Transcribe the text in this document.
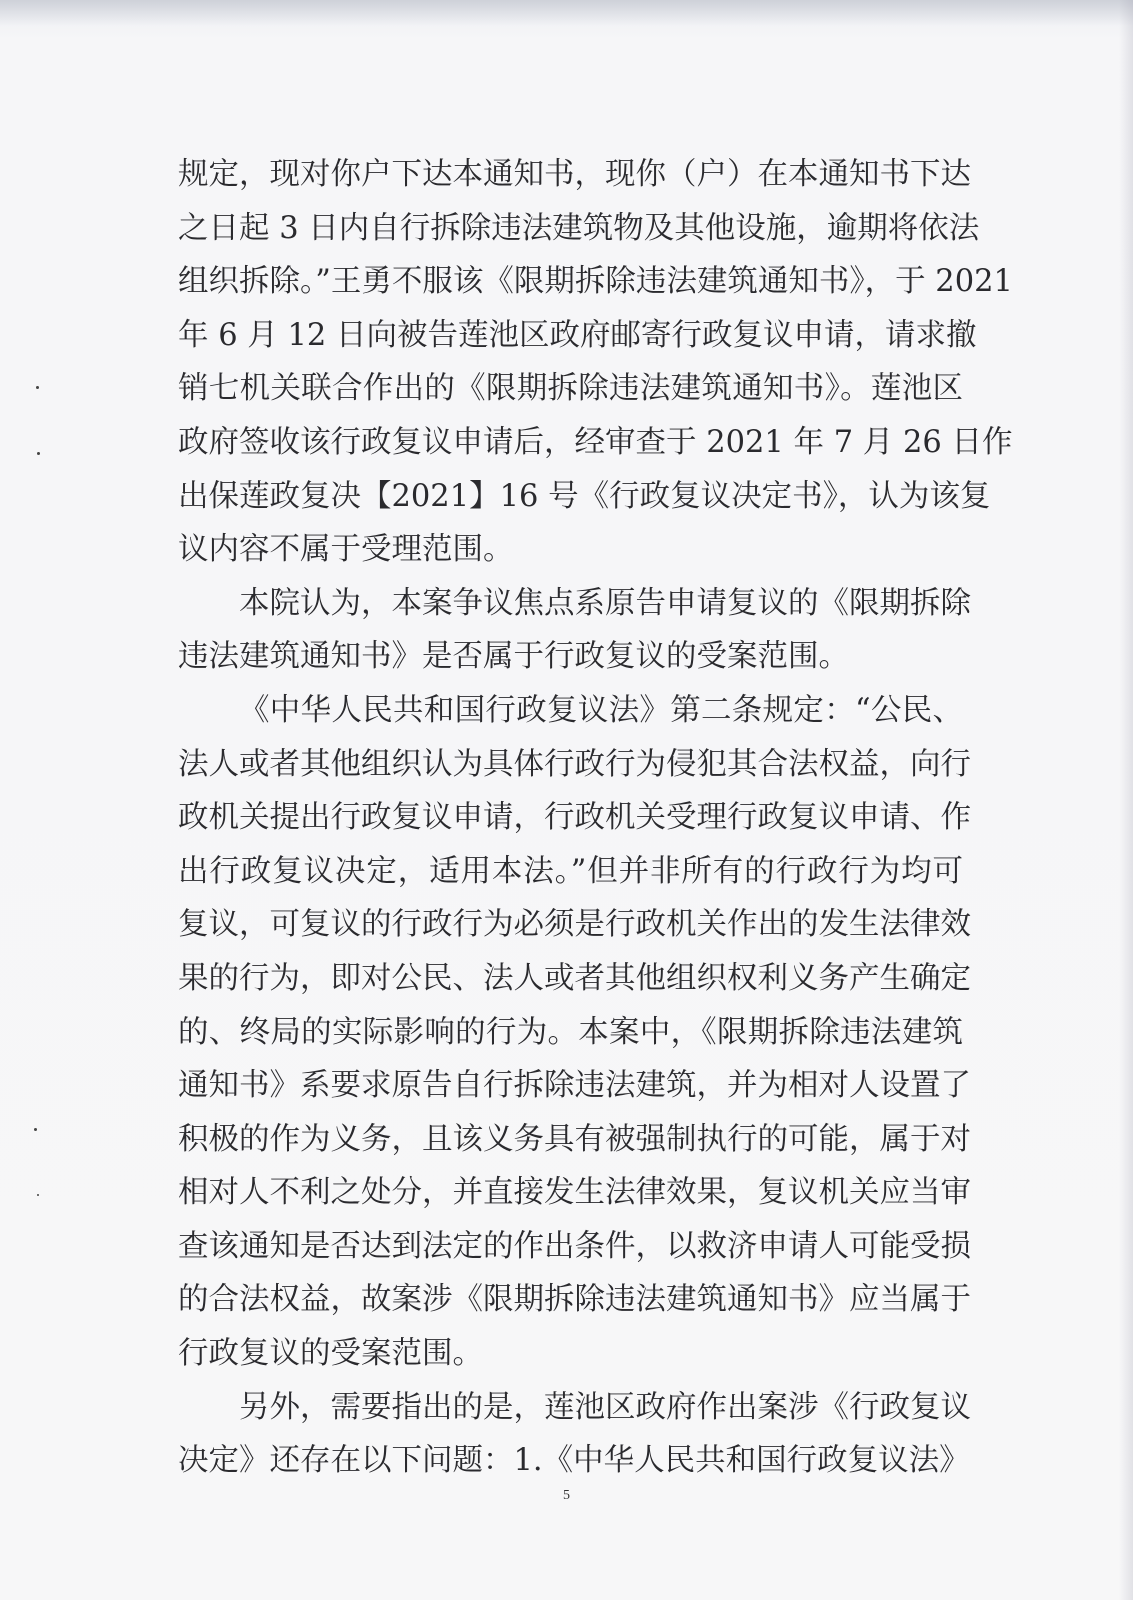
规定，现对你户下达本通知书，现你（户）在本通知书下达
之日起 3 日内自行拆除违法建筑物及其他设施，逾期将依法
组织拆除。”王勇不服该《限期拆除违法建筑通知书》，于 2021
年 6 月 12 日向被告莲池区政府邮寄行政复议申请，请求撤
销七机关联合作出的《限期拆除违法建筑通知书》。莲池区
政府签收该行政复议申请后，经审查于 2021 年 7 月 26 日作
出保莲政复决【2021】16 号《行政复议决定书》，认为该复
议内容不属于受理范围。
本院认为，本案争议焦点系原告申请复议的《限期拆除
违法建筑通知书》是否属于行政复议的受案范围。
《中华人民共和国行政复议法》第二条规定：“公民、
法人或者其他组织认为具体行政行为侵犯其合法权益，向行
政机关提出行政复议申请，行政机关受理行政复议申请、作
出行政复议决定，适用本法。”但并非所有的行政行为均可
复议，可复议的行政行为必须是行政机关作出的发生法律效
果的行为，即对公民、法人或者其他组织权利义务产生确定
的、终局的实际影响的行为。本案中，《限期拆除违法建筑
通知书》系要求原告自行拆除违法建筑，并为相对人设置了
积极的作为义务，且该义务具有被强制执行的可能，属于对
相对人不利之处分，并直接发生法律效果，复议机关应当审
查该通知是否达到法定的作出条件，以救济申请人可能受损
的合法权益，故案涉《限期拆除违法建筑通知书》应当属于
行政复议的受案范围。
另外，需要指出的是，莲池区政府作出案涉《行政复议
决定》还存在以下问题：1.《中华人民共和国行政复议法》
5
